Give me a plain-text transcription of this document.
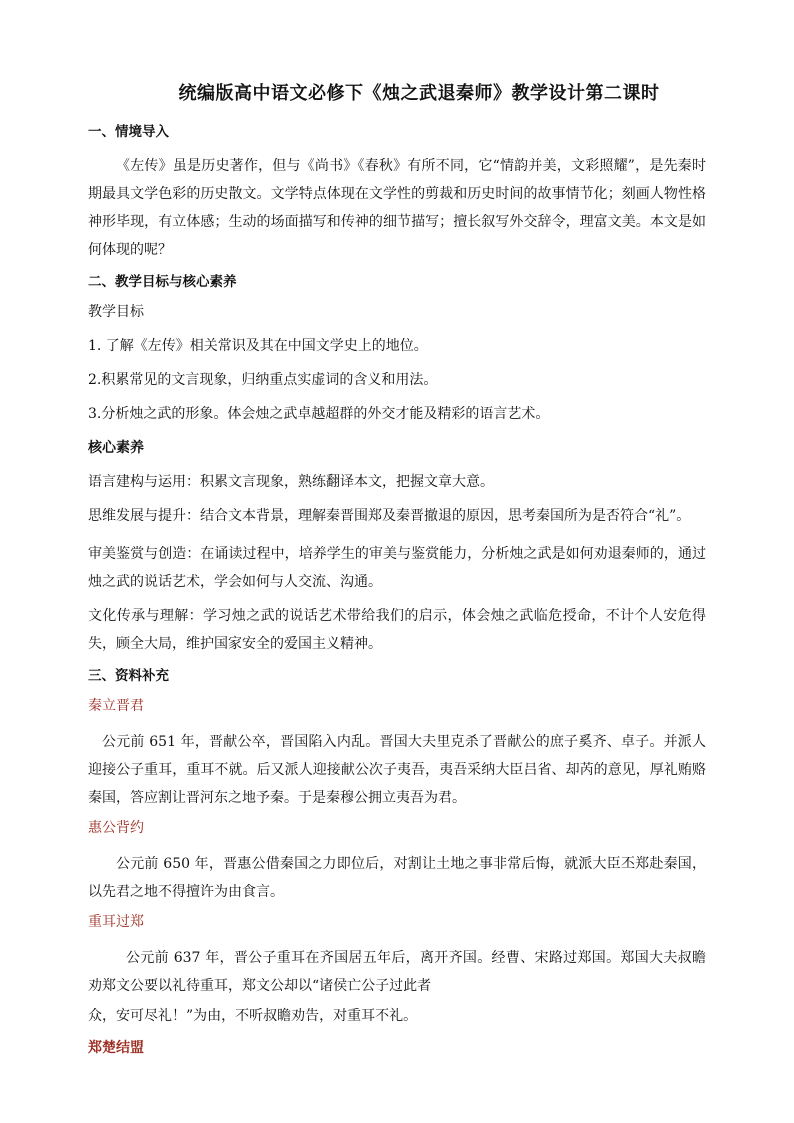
统编版高中语文必修下《烛之武退秦师》教学设计第二课时
一、情境导入
《左传》虽是历史著作，但与《尚书》《春秋》有所不同，它“情韵并美，文彩照耀”，是先秦时期最具文学色彩的历史散文。文学特点体现在文学性的剪裁和历史时间的故事情节化；刻画人物性格神形毕现，有立体感；生动的场面描写和传神的细节描写；擅长叙写外交辞令，理富文美。本文是如何体现的呢？
二、教学目标与核心素养
教学目标
1. 了解《左传》相关常识及其在中国文学史上的地位。
2.积累常见的文言现象，归纳重点实虚词的含义和用法。
3.分析烛之武的形象。体会烛之武卓越超群的外交才能及精彩的语言艺术。
核心素养
语言建构与运用：积累文言现象，熟练翻译本文，把握文章大意。
思维发展与提升：结合文本背景，理解秦晋围郑及秦晋撤退的原因，思考秦国所为是否符合“礼”。
审美鉴赏与创造：在诵读过程中，培养学生的审美与鉴赏能力，分析烛之武是如何劝退秦师的，通过烛之武的说话艺术，学会如何与人交流、沟通。
文化传承与理解：学习烛之武的说话艺术带给我们的启示，体会烛之武临危授命，不计个人安危得失，顾全大局，维护国家安全的爱国主义精神。
三、资料补充
秦立晋君
公元前 651 年，晋献公卒，晋国陷入内乱。晋国大夫里克杀了晋献公的庶子奚齐、卓子。并派人迎接公子重耳，重耳不就。后又派人迎接献公次子夷吾，夷吾采纳大臣吕省、却芮的意见，厚礼贿赂秦国，答应割让晋河东之地予秦。于是秦穆公拥立夷吾为君。
惠公背约
公元前 650 年，晋惠公借秦国之力即位后，对割让土地之事非常后悔，就派大臣丕郑赴秦国，以先君之地不得擅许为由食言。
重耳过郑
公元前 637 年，晋公子重耳在齐国居五年后，离开齐国。经曹、宋路过郑国。郑国大夫叔瞻劝郑文公要以礼待重耳，郑文公却以“诸侯亡公子过此者
众，安可尽礼！”为由，不听叔瞻劝告，对重耳不礼。
郑楚结盟
